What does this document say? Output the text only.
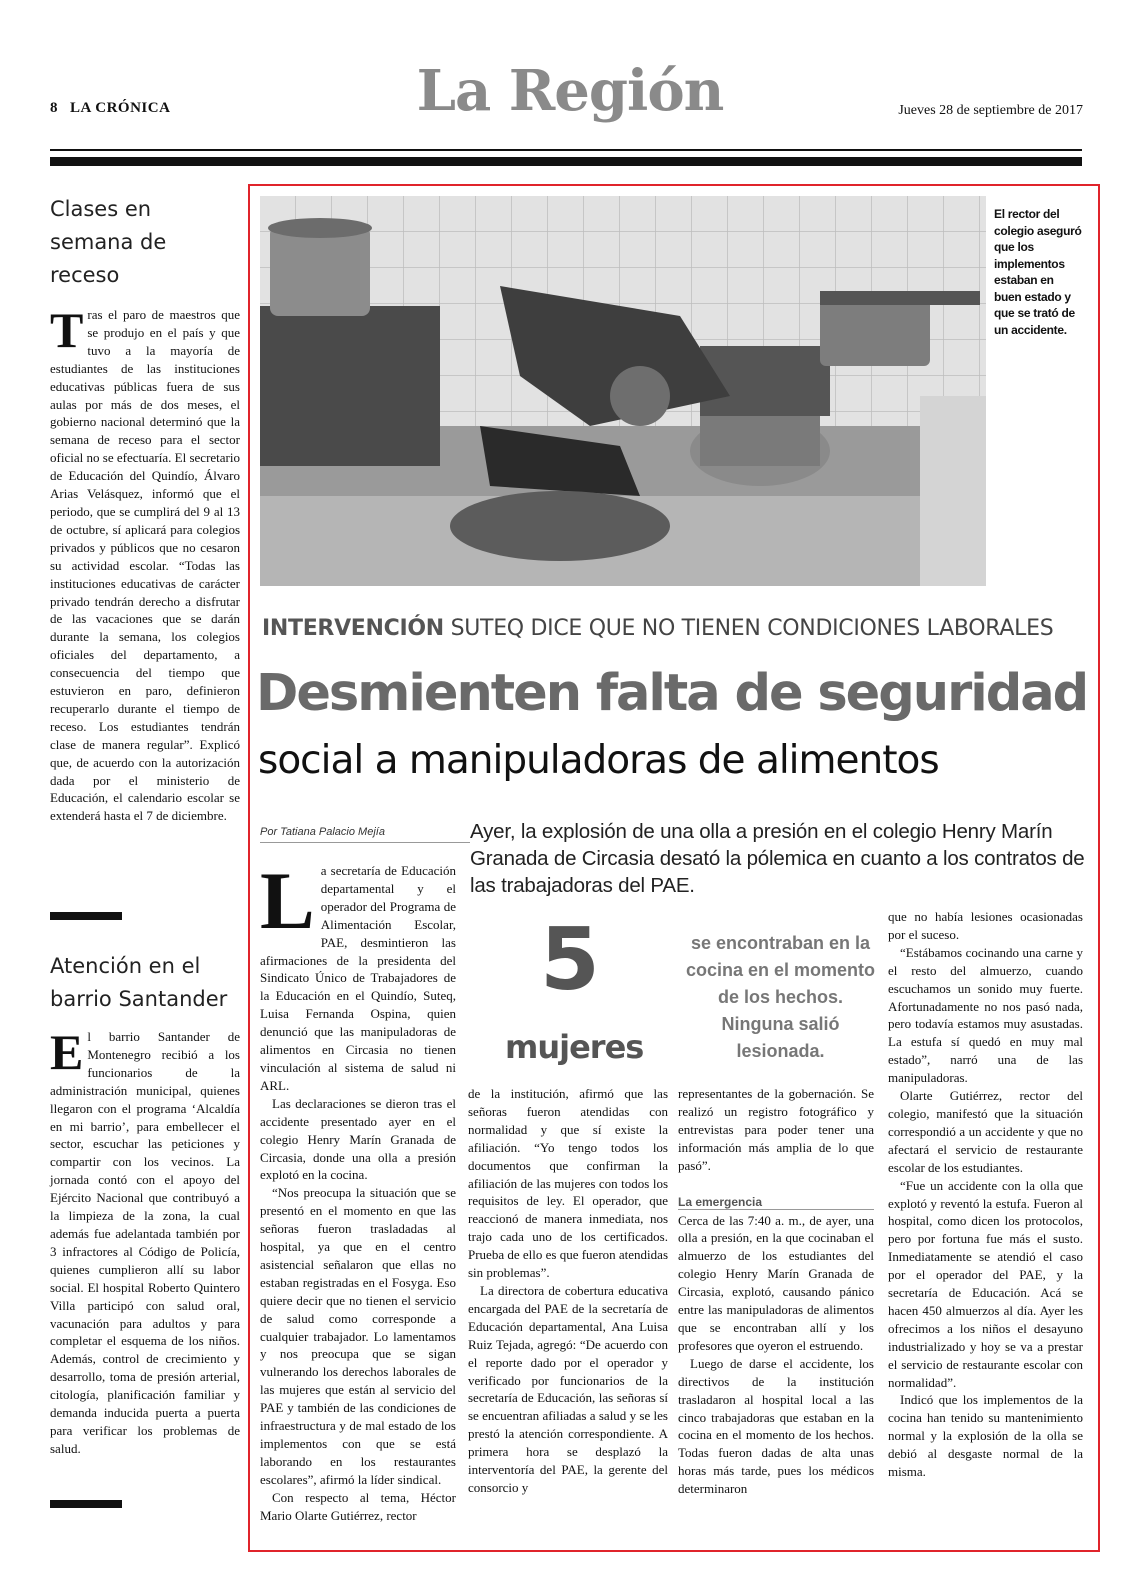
8 LA CRÓNICA	La Región	Jueves 28 de septiembre de 2017
Clases en
semana de
receso
Tras el paro de maestros que se produjo en el país y que tuvo a la mayoría de estudiantes de las instituciones educativas públicas fuera de sus aulas por más de dos meses, el gobierno nacional determinó que la semana de receso para el sector oficial no se efectuaría. El secretario de Educación del Quindío, Álvaro Arias Velásquez, informó que el periodo, que se cumplirá del 9 al 13 de octubre, sí aplicará para colegios privados y públicos que no cesaron su actividad escolar. “Todas las instituciones educativas de carácter privado tendrán derecho a disfrutar de las vacaciones que se darán durante la semana, los colegios oficiales del departamento, a consecuencia del tiempo que estuvieron en paro, definieron recuperarlo durante el tiempo de receso. Los estudiantes tendrán clase de manera regular”. Explicó que, de acuerdo con la autorización dada por el ministerio de Educación, el calendario escolar se extenderá hasta el 7 de diciembre.
Atención en el
barrio Santander
El barrio Santander de Montenegro recibió a los funcionarios de la administración municipal, quienes llegaron con el programa ‘Alcaldía en mi barrio’, para embellecer el sector, escuchar las peticiones y compartir con los vecinos. La jornada contó con el apoyo del Ejército Nacional que contribuyó a la limpieza de la zona, la cual además fue adelantada también por 3 infractores al Código de Policía, quienes cumplieron allí su labor social. El hospital Roberto Quintero Villa participó con salud oral, vacunación para adultos y para completar el esquema de los niños. Además, control de crecimiento y desarrollo, toma de presión arterial, citología, planificación familiar y demanda inducida puerta a puerta para verificar los problemas de salud.
El rector del colegio aseguró que los implementos estaban en buen estado y que se trató de un accidente.
INTERVENCIÓN SUTEQ DICE QUE NO TIENEN CONDICIONES LABORALES
Desmienten falta de seguridad
social a manipuladoras de alimentos
Por Tatiana Palacio Mejía	Ayer, la explosión de una olla a presión en el colegio Henry Marín Granada de Circasia desató la pólemica en cuanto a los contratos de las trabajadoras del PAE.
5
mujeres
se encontraban en la cocina en el momento de los hechos. Ninguna salió lesionada.

La secretaría de Educación departamental y el operador del Programa de Alimentación Escolar, PAE, desmintieron las afirmaciones de la presidenta del Sindicato Único de Trabajadores de la Educación en el Quindío, Suteq, Luisa Fernanda Ospina, quien denunció que las manipuladoras de alimentos en Circasia no tienen vinculación al sistema de salud ni ARL.

Las declaraciones se dieron tras el accidente presentado ayer en el colegio Henry Marín Granada de Circasia, donde una olla a presión explotó en la cocina.

“Nos preocupa la situación que se presentó en el momento en que las señoras fueron trasladadas al hospital, ya que en el centro asistencial señalaron que ellas no estaban registradas en el Fosyga. Eso quiere decir que no tienen el servicio de salud como corresponde a cualquier trabajador. Lo lamentamos y nos preocupa que se sigan vulnerando los derechos laborales de las mujeres que están al servicio del PAE y también de las condiciones de infraestructura y de mal estado de los implementos con que se está laborando en los restaurantes escolares”, afirmó la líder sindical.

Con respecto al tema, Héctor Mario Olarte Gutiérrez, rector

de la institución, afirmó que las señoras fueron atendidas con normalidad y que sí existe la afiliación. “Yo tengo todos los documentos que confirman la afiliación de las mujeres con todos los requisitos de ley. El operador, que reaccionó de manera inmediata, nos trajo cada uno de los certificados. Prueba de ello es que fueron atendidas sin problemas”.

La directora de cobertura educativa encargada del PAE de la secretaría de Educación departamental, Ana Luisa Ruiz Tejada, agregó: “De acuerdo con el reporte dado por el operador y verificado por funcionarios de la secretaría de Educación, las señoras sí se encuentran afiliadas a salud y se les prestó la atención correspondiente. A primera hora se desplazó la interventoría del PAE, la gerente del consorcio y

representantes de la gobernación. Se realizó un registro fotográfico y entrevistas para poder tener una información más amplia de lo que pasó”.

La emergencia

Cerca de las 7:40 a. m., de ayer, una olla a presión, en la que cocinaban el almuerzo de los estudiantes del colegio Henry Marín Granada de Circasia, explotó, causando pánico entre las manipuladoras de alimentos que se encontraban allí y los profesores que oyeron el estruendo.

Luego de darse el accidente, los directivos de la institución trasladaron al hospital local a las cinco trabajadoras que estaban en la cocina en el momento de los hechos. Todas fueron dadas de alta unas horas más tarde, pues los médicos determinaron

que no había lesiones ocasionadas por el suceso.

“Estábamos cocinando una carne y el resto del almuerzo, cuando escuchamos un sonido muy fuerte. Afortunadamente no nos pasó nada, pero todavía estamos muy asustadas. La estufa sí quedó en muy mal estado”, narró una de las manipuladoras.

Olarte Gutiérrez, rector del colegio, manifestó que la situación correspondió a un accidente y que no afectará el servicio de restaurante escolar de los estudiantes.

“Fue un accidente con la olla que explotó y reventó la estufa. Fueron al hospital, como dicen los protocolos, pero por fortuna fue más el susto. Inmediatamente se atendió el caso por el operador del PAE, y la secretaría de Educación. Acá se hacen 450 almuerzos al día. Ayer les ofrecimos a los niños el desayuno industrializado y hoy se va a prestar el servicio de restaurante escolar con normalidad”.

Indicó que los implementos de la cocina han tenido su mantenimiento normal y la explosión de la olla se debió al desgaste normal de la misma.
